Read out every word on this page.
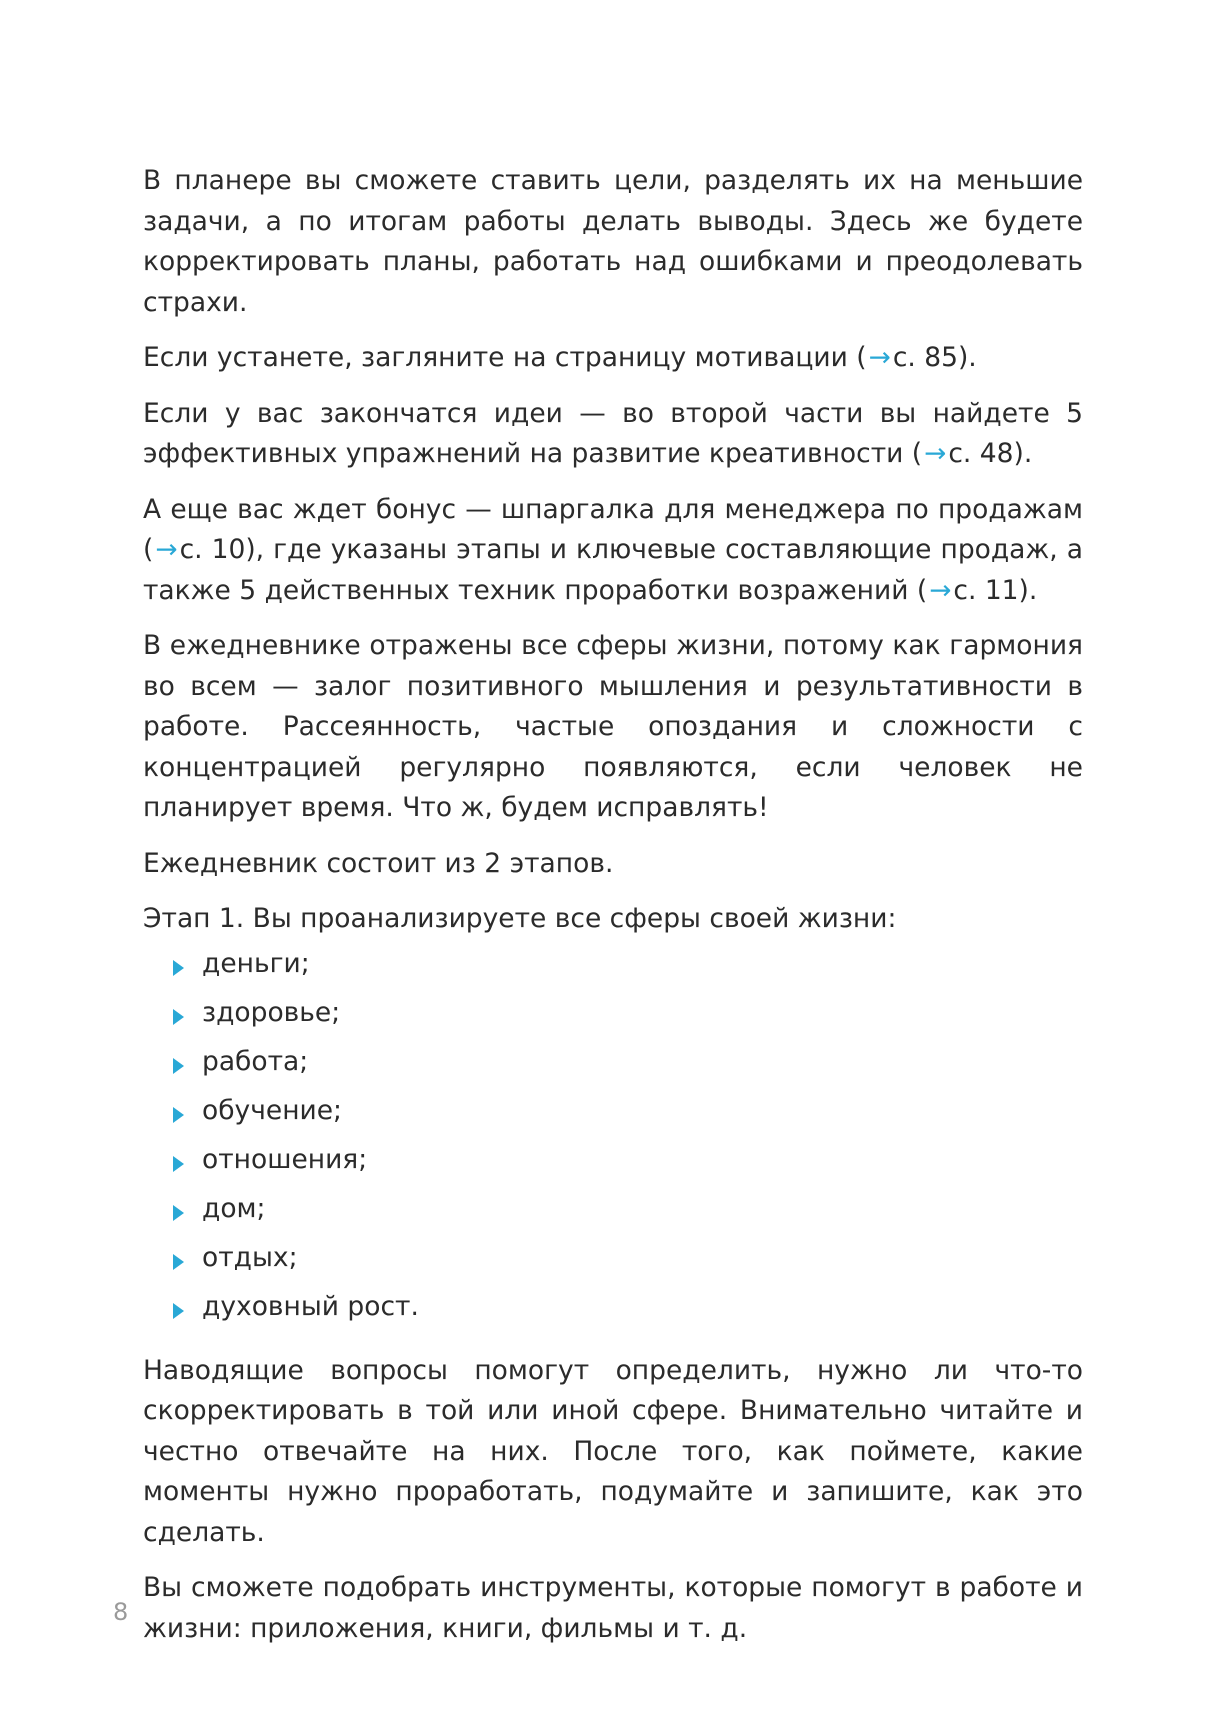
В планере вы сможете ставить цели, разделять их на меньшие задачи, а по итогам работы делать выводы. Здесь же будете корректировать планы, работать над ошибками и преодолевать страхи.

Если устанете, загляните на страницу мотивации (→с. 85).

Если у вас закончатся идеи — во второй части вы найдете 5 эффективных упражнений на развитие креативности (→с. 48).

А еще вас ждет бонус — шпаргалка для менеджера по продажам (→с. 10), где указаны этапы и ключевые составляющие продаж, а также 5 действенных техник проработки возражений (→с. 11).

В ежедневнике отражены все сферы жизни, потому как гармония во всем — залог позитивного мышления и результативности в работе. Рассеянность, частые опоздания и сложности с концентрацией регулярно появляются, если человек не планирует время. Что ж, будем исправлять!

Ежедневник состоит из 2 этапов.

Этап 1. Вы проанализируете все сферы своей жизни:

деньги;
здоровье;
работа;
обучение;
отношения;
дом;
отдых;
духовный рост.

Наводящие вопросы помогут определить, нужно ли что-то скорректировать в той или иной сфере. Внимательно читайте и честно отвечайте на них. После того, как поймете, какие моменты нужно проработать, подумайте и запишите, как это сделать.

Вы сможете подобрать инструменты, которые помогут в работе и жизни: приложения, книги, фильмы и т. д.

8
